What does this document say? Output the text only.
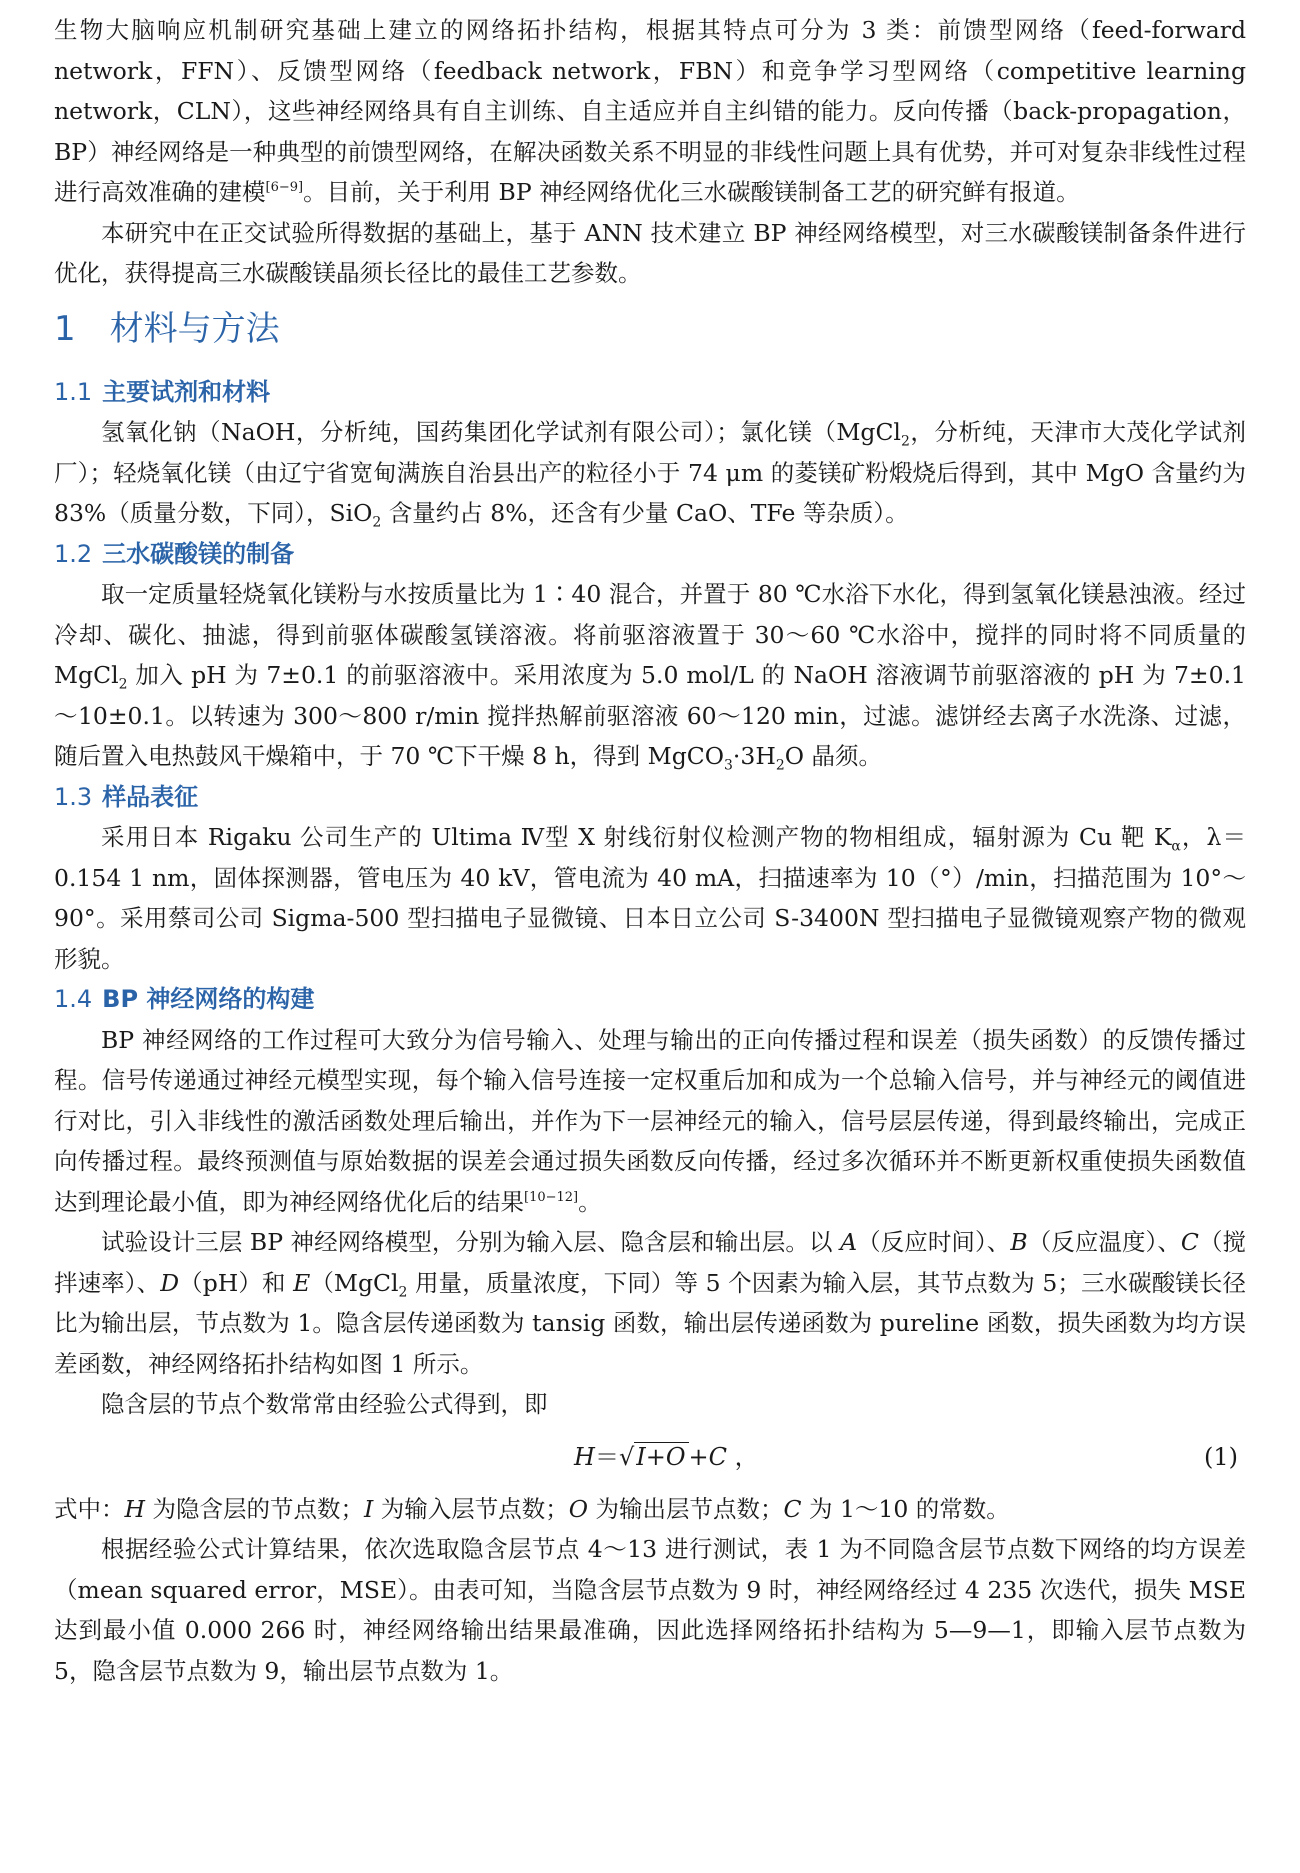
生物大脑响应机制研究基础上建立的网络拓扑结构，根据其特点可分为 3 类：前馈型网络（feed-forward network，FFN）、反馈型网络（feedback network，FBN）和竞争学习型网络（competitive learning network，CLN），这些神经网络具有自主训练、自主适应并自主纠错的能力。反向传播（back-propagation，BP）神经网络是一种典型的前馈型网络，在解决函数关系不明显的非线性问题上具有优势，并可对复杂非线性过程进行高效准确的建模[6−9]。目前，关于利用 BP 神经网络优化三水碳酸镁制备工艺的研究鲜有报道。

本研究中在正交试验所得数据的基础上，基于 ANN 技术建立 BP 神经网络模型，对三水碳酸镁制备条件进行优化，获得提高三水碳酸镁晶须长径比的最佳工艺参数。

1 材料与方法
1.1 主要试剂和材料

氢氧化钠（NaOH，分析纯，国药集团化学试剂有限公司）；氯化镁（MgCl$_2$，分析纯，天津市大茂化学试剂厂）；轻烧氧化镁（由辽宁省宽甸满族自治县出产的粒径小于 74 μm 的菱镁矿粉煅烧后得到，其中 MgO 含量约为 83%（质量分数，下同），SiO$_2$ 含量约占 8%，还含有少量 CaO、TFe 等杂质）。

1.2 三水碳酸镁的制备

取一定质量轻烧氧化镁粉与水按质量比为 1∶40 混合，并置于 80 ℃水浴下水化，得到氢氧化镁悬浊液。经过冷却、碳化、抽滤，得到前驱体碳酸氢镁溶液。将前驱溶液置于 30～60 ℃水浴中，搅拌的同时将不同质量的 MgCl$_2$ 加入 pH 为 7±0.1 的前驱溶液中。采用浓度为 5.0 mol/L 的 NaOH 溶液调节前驱溶液的 pH 为 7±0.1～10±0.1。以转速为 300～800 r/min 搅拌热解前驱溶液 60～120 min，过滤。滤饼经去离子水洗涤、过滤，随后置入电热鼓风干燥箱中，于 70 ℃下干燥 8 h，得到 $MgCO_3\cdot 3H_2O$ 晶须。

1.3 样品表征

采用日本 Rigaku 公司生产的 Ultima Ⅳ型 X 射线衍射仪检测产物的物相组成，辐射源为 Cu 靶 $K_\alpha$，λ＝0.154 1 nm，固体探测器，管电压为 40 kV，管电流为 40 mA，扫描速率为 10（°）/min，扫描范围为 10°～90°。采用蔡司公司 Sigma-500 型扫描电子显微镜、日本日立公司 S-3400N 型扫描电子显微镜观察产物的微观形貌。

1.4 BP 神经网络的构建

BP 神经网络的工作过程可大致分为信号输入、处理与输出的正向传播过程和误差（损失函数）的反馈传播过程。信号传递通过神经元模型实现，每个输入信号连接一定权重后加和成为一个总输入信号，并与神经元的阈值进行对比，引入非线性的激活函数处理后输出，并作为下一层神经元的输入，信号层层传递，得到最终输出，完成正向传播过程。最终预测值与原始数据的误差会通过损失函数反向传播，经过多次循环并不断更新权重使损失函数值达到理论最小值，即为神经网络优化后的结果[10−12]。

试验设计三层 BP 神经网络模型，分别为输入层、隐含层和输出层。以 A（反应时间）、B（反应温度）、C（搅拌速率）、D（pH）和 E（MgCl$_2$ 用量，质量浓度，下同）等 5 个因素为输入层，其节点数为 5；三水碳酸镁长径比为输出层，节点数为 1。隐含层传递函数为 tansig 函数，输出层传递函数为 pureline 函数，损失函数为均方误差函数，神经网络拓扑结构如图 1 所示。

隐含层的节点个数常常由经验公式得到，即

H＝√I+O +C ，	(1)

式中：H 为隐含层的节点数；I 为输入层节点数；O 为输出层节点数；C 为 1～10 的常数。

根据经验公式计算结果，依次选取隐含层节点 4～13 进行测试，表 1 为不同隐含层节点数下网络的均方误差（mean squared error，MSE）。由表可知，当隐含层节点数为 9 时，神经网络经过 4 235 次迭代，损失 MSE 达到最小值 0.000 266 时，神经网络输出结果最准确，因此选择网络拓扑结构为 5—9—1，即输入层节点数为 5，隐含层节点数为 9，输出层节点数为 1。
